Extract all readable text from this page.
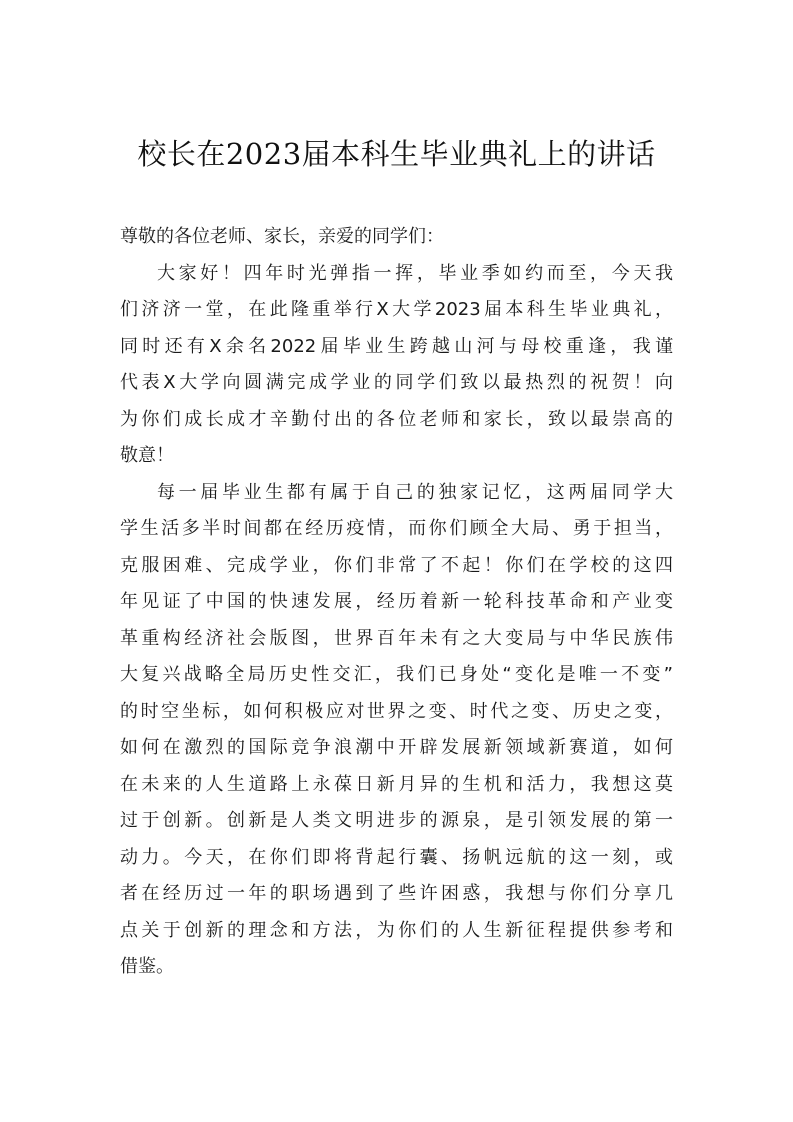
校长在2023届本科生毕业典礼上的讲话
尊敬的各位老师、家长，亲爱的同学们：
大家好！四年时光弹指一挥，毕业季如约而至，今天我
们济济一堂，在此隆重举行X大学2023届本科生毕业典礼，
同时还有X余名2022届毕业生跨越山河与母校重逢，我谨
代表X大学向圆满完成学业的同学们致以最热烈的祝贺！向
为你们成长成才辛勤付出的各位老师和家长，致以最崇高的
敬意！
每一届毕业生都有属于自己的独家记忆，这两届同学大
学生活多半时间都在经历疫情，而你们顾全大局、勇于担当，
克服困难、完成学业，你们非常了不起！你们在学校的这四
年见证了中国的快速发展，经历着新一轮科技革命和产业变
革重构经济社会版图，世界百年未有之大变局与中华民族伟
大复兴战略全局历史性交汇，我们已身处“变化是唯一不变”
的时空坐标，如何积极应对世界之变、时代之变、历史之变，
如何在激烈的国际竞争浪潮中开辟发展新领域新赛道，如何
在未来的人生道路上永葆日新月异的生机和活力，我想这莫
过于创新。创新是人类文明进步的源泉，是引领发展的第一
动力。今天，在你们即将背起行囊、扬帆远航的这一刻，或
者在经历过一年的职场遇到了些许困惑，我想与你们分享几
点关于创新的理念和方法，为你们的人生新征程提供参考和
借鉴。
